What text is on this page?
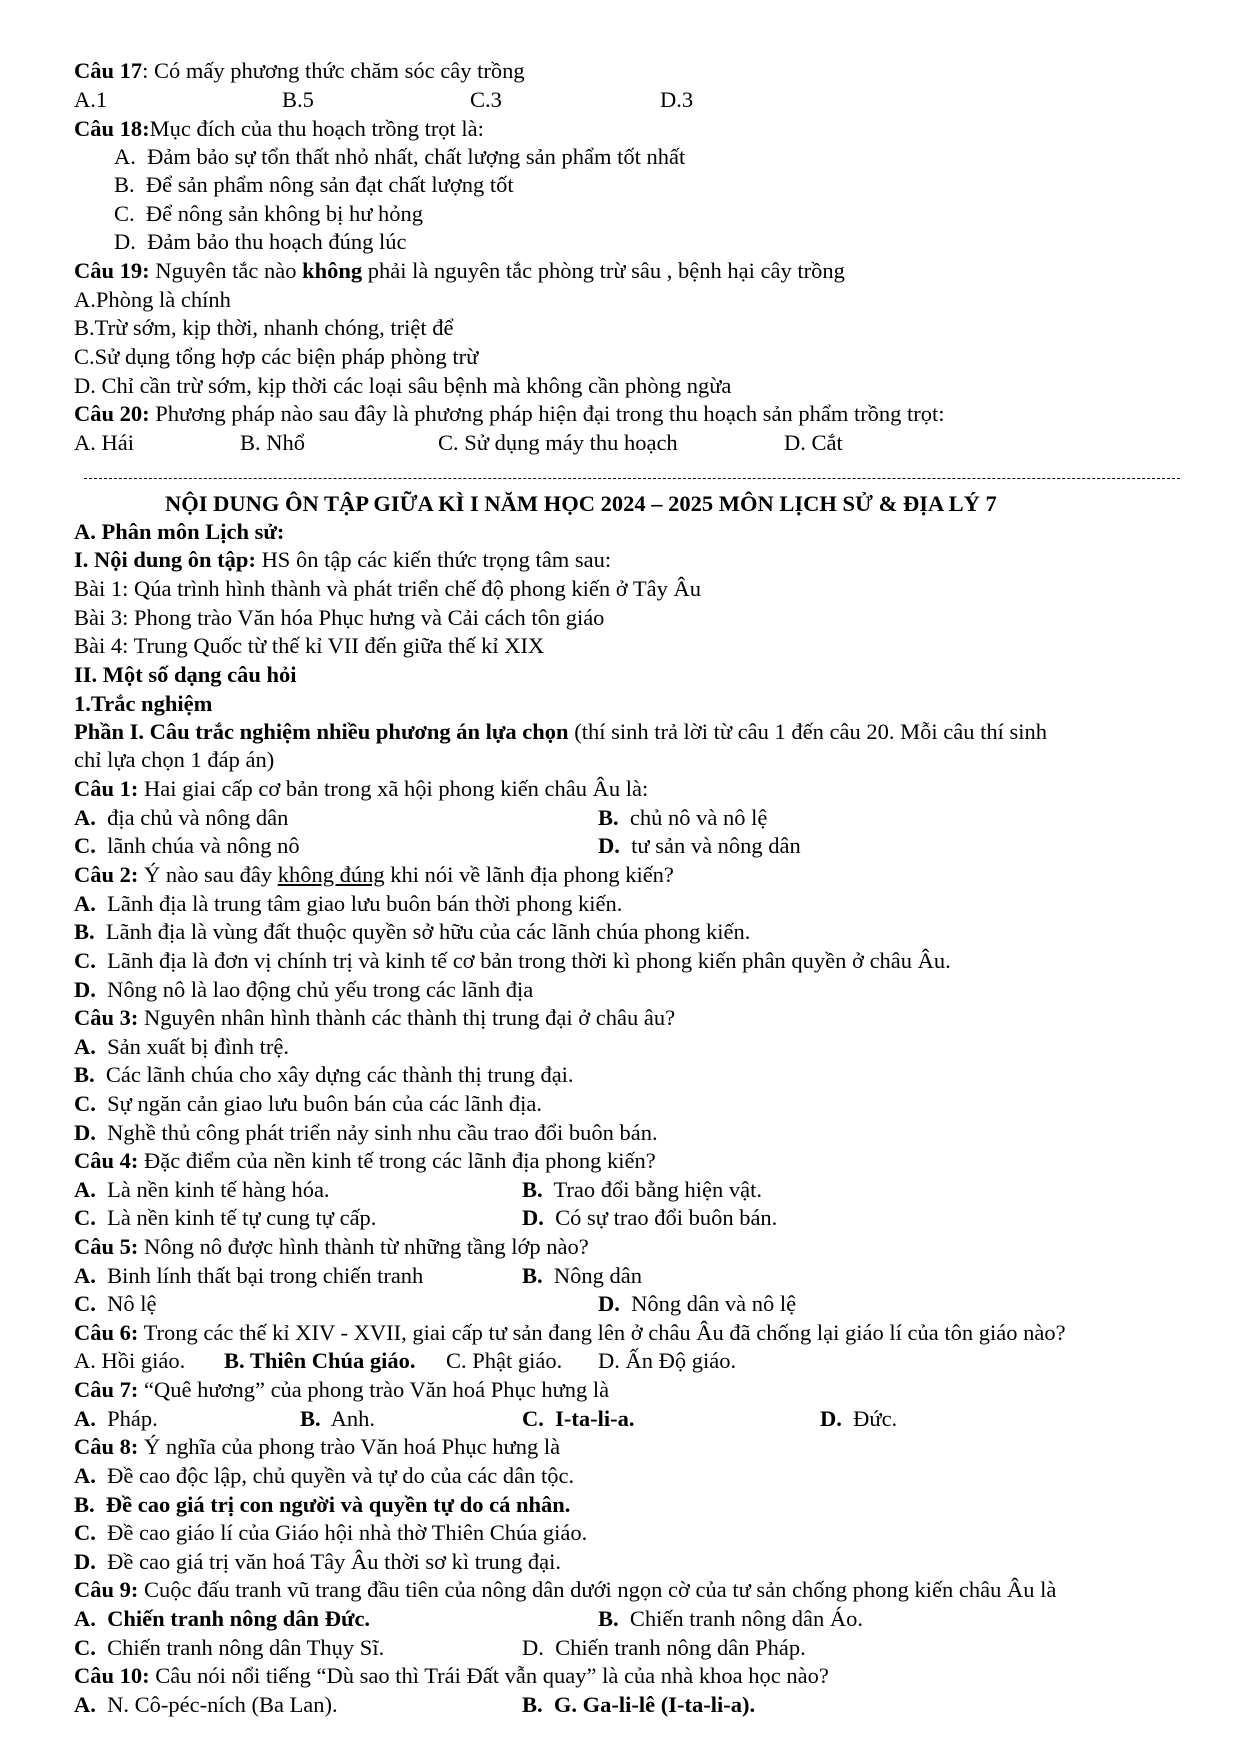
Câu 17: Có mấy phương thức chăm sóc cây trồng
A.1	B.5	C.3	D.3
Câu 18:Mục đích của thu hoạch trồng trọt là:
A.  Đảm bảo sự tổn thất nhỏ nhất, chất lượng sản phẩm tốt nhất
B.  Để sản phẩm nông sản đạt chất lượng tốt
C.  Để nông sản không bị hư hỏng
D.  Đảm bảo thu hoạch đúng lúc
Câu 19: Nguyên tắc nào không phải là nguyên tắc phòng trừ sâu , bệnh hại cây trồng
A.Phòng là chính
B.Trừ sớm, kịp thời, nhanh chóng, triệt để
C.Sử dụng tổng hợp các biện pháp phòng trừ
D. Chỉ cần trừ sớm, kịp thời các loại sâu bệnh mà không cần phòng ngừa
Câu 20: Phương pháp nào sau đây là phương pháp hiện đại trong thu hoạch sản phẩm trồng trọt:
A. Hái	B. Nhổ	C. Sử dụng máy thu hoạch	D. Cắt
NỘI DUNG ÔN TẬP GIỮA KÌ I NĂM HỌC 2024 – 2025 MÔN LỊCH SỬ & ĐỊA LÝ 7
A. Phân môn Lịch sử:
I. Nội dung ôn tập: HS ôn tập các kiến thức trọng tâm sau:
Bài 1: Qúa trình hình thành và phát triển chế độ phong kiến ở Tây Âu
Bài 3: Phong trào Văn hóa Phục hưng và Cải cách tôn giáo
Bài 4: Trung Quốc từ thế kỉ VII đến giữa thế kỉ XIX
II. Một số dạng câu hỏi
1.Trắc nghiệm
Phần I. Câu trắc nghiệm nhiều phương án lựa chọn (thí sinh trả lời từ câu 1 đến câu 20. Mỗi câu thí sinh
chỉ lựa chọn 1 đáp án)
Câu 1: Hai giai cấp cơ bản trong xã hội phong kiến châu Âu là:
A.  địa chủ và nông dân	B.  chủ nô và nô lệ
C.  lãnh chúa và nông nô	D.  tư sản và nông dân
Câu 2: Ý nào sau đây không đúng khi nói về lãnh địa phong kiến?
A.  Lãnh địa là trung tâm giao lưu buôn bán thời phong kiến.
B.  Lãnh địa là vùng đất thuộc quyền sở hữu của các lãnh chúa phong kiến.
C.  Lãnh địa là đơn vị chính trị và kinh tế cơ bản trong thời kì phong kiến phân quyền ở châu Âu.
D.  Nông nô là lao động chủ yếu trong các lãnh địa
Câu 3: Nguyên nhân hình thành các thành thị trung đại ở châu âu?
A.  Sản xuất bị đình trệ.
B.  Các lãnh chúa cho xây dựng các thành thị trung đại.
C.  Sự ngăn cản giao lưu buôn bán của các lãnh địa.
D.  Nghề thủ công phát triển nảy sinh nhu cầu trao đổi buôn bán.
Câu 4: Đặc điểm của nền kinh tế trong các lãnh địa phong kiến?
A.  Là nền kinh tế hàng hóa.	B.  Trao đổi bằng hiện vật.
C.  Là nền kinh tế tự cung tự cấp.	D.  Có sự trao đổi buôn bán.
Câu 5: Nông nô được hình thành từ những tầng lớp nào?
A.  Binh lính thất bại trong chiến tranh	B.  Nông dân
C.  Nô lệ	D.  Nông dân và nô lệ
Câu 6: Trong các thế kỉ XIV - XVII, giai cấp tư sản đang lên ở châu Âu đã chống lại giáo lí của tôn giáo nào?
A. Hồi giáo. B. Thiên Chúa giáo. C. Phật giáo. D. Ấn Độ giáo.
Câu 7: “Quê hương” của phong trào Văn hoá Phục hưng là
A.  Pháp.	B.  Anh.	C.  I-ta-li-a.	D.  Đức.
Câu 8: Ý nghĩa của phong trào Văn hoá Phục hưng là
A.  Đề cao độc lập, chủ quyền và tự do của các dân tộc.
B.  Đề cao giá trị con người và quyền tự do cá nhân.
C.  Đề cao giáo lí của Giáo hội nhà thờ Thiên Chúa giáo.
D.  Đề cao giá trị văn hoá Tây Âu thời sơ kì trung đại.
Câu 9: Cuộc đấu tranh vũ trang đầu tiên của nông dân dưới ngọn cờ của tư sản chống phong kiến châu Âu là
A.  Chiến tranh nông dân Đức.	B.  Chiến tranh nông dân Áo.
C.  Chiến tranh nông dân Thụy Sĩ.	D.  Chiến tranh nông dân Pháp.
Câu 10: Câu nói nổi tiếng “Dù sao thì Trái Đất vẫn quay” là của nhà khoa học nào?
A.  N. Cô-péc-ních (Ba Lan).	B.  G. Ga-li-lê (I-ta-li-a).
